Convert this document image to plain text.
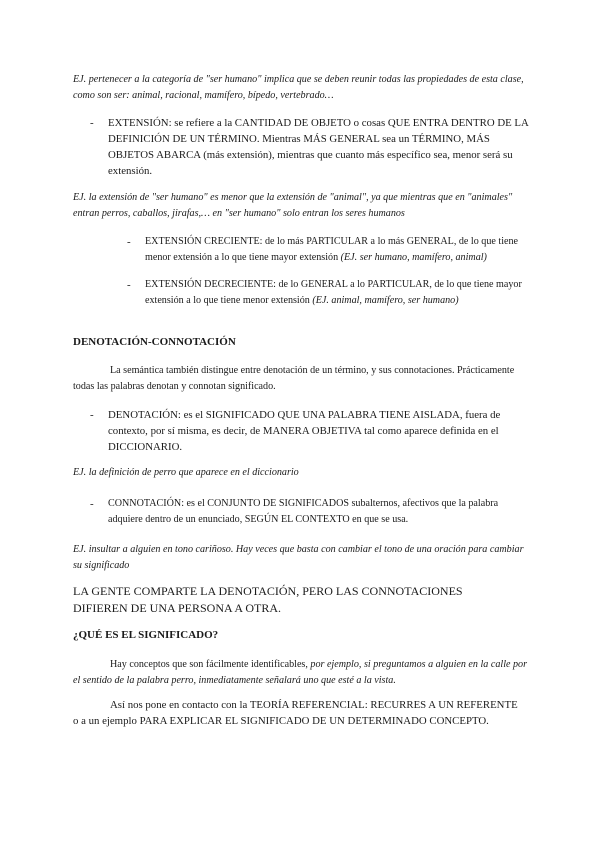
EJ. pertenecer a la categoría de "ser humano" implica que se deben reunir todas las propiedades de esta clase, como son ser: animal, racional, mamífero, bípedo, vertebrado…

- EXTENSIÓN: se refiere a la CANTIDAD DE OBJETO o cosas QUE ENTRA DENTRO DE LA DEFINICIÓN DE UN TÉRMINO. Mientras MÁS GENERAL sea un TÉRMINO, MÁS OBJETOS ABARCA (más extensión), mientras que cuanto más específico sea, menor será su extensión.

EJ. la extensión de "ser humano" es menor que la extensión de "animal", ya que mientras que en "animales" entran perros, caballos, jirafas,… en "ser humano" solo entran los seres humanos

- EXTENSIÓN CRECIENTE: de lo más PARTICULAR a lo más GENERAL, de lo que tiene menor extensión a lo que tiene mayor extensión (EJ. ser humano, mamífero, animal)

- EXTENSIÓN DECRECIENTE: de lo GENERAL a lo PARTICULAR, de lo que tiene mayor extensión a lo que tiene menor extensión (EJ. animal, mamífero, ser humano)

DENOTACIÓN-CONNOTACIÓN

La semántica también distingue entre denotación de un término, y sus connotaciones. Prácticamente todas las palabras denotan y connotan significado.

- DENOTACIÓN: es el SIGNIFICADO QUE UNA PALABRA TIENE AISLADA, fuera de contexto, por sí misma, es decir, de MANERA OBJETIVA tal como aparece definida en el DICCIONARIO.

EJ. la definición de perro que aparece en el diccionario

- CONNOTACIÓN: es el CONJUNTO DE SIGNIFICADOS subalternos, afectivos que la palabra adquiere dentro de un enunciado, SEGÚN EL CONTEXTO en que se usa.

EJ. insultar a alguien en tono cariñoso. Hay veces que basta con cambiar el tono de una oración para cambiar su significado

LA GENTE COMPARTE LA DENOTACIÓN, PERO LAS CONNOTACIONES DIFIEREN DE UNA PERSONA A OTRA.

¿QUÉ ES EL SIGNIFICADO?

Hay conceptos que son fácilmente identificables, por ejemplo, si preguntamos a alguien en la calle por el sentido de la palabra perro, inmediatamente señalará uno que esté a la vista.

Así nos pone en contacto con la TEORÍA REFERENCIAL: RECURRES A UN REFERENTE o a un ejemplo PARA EXPLICAR EL SIGNIFICADO DE UN DETERMINADO CONCEPTO.
